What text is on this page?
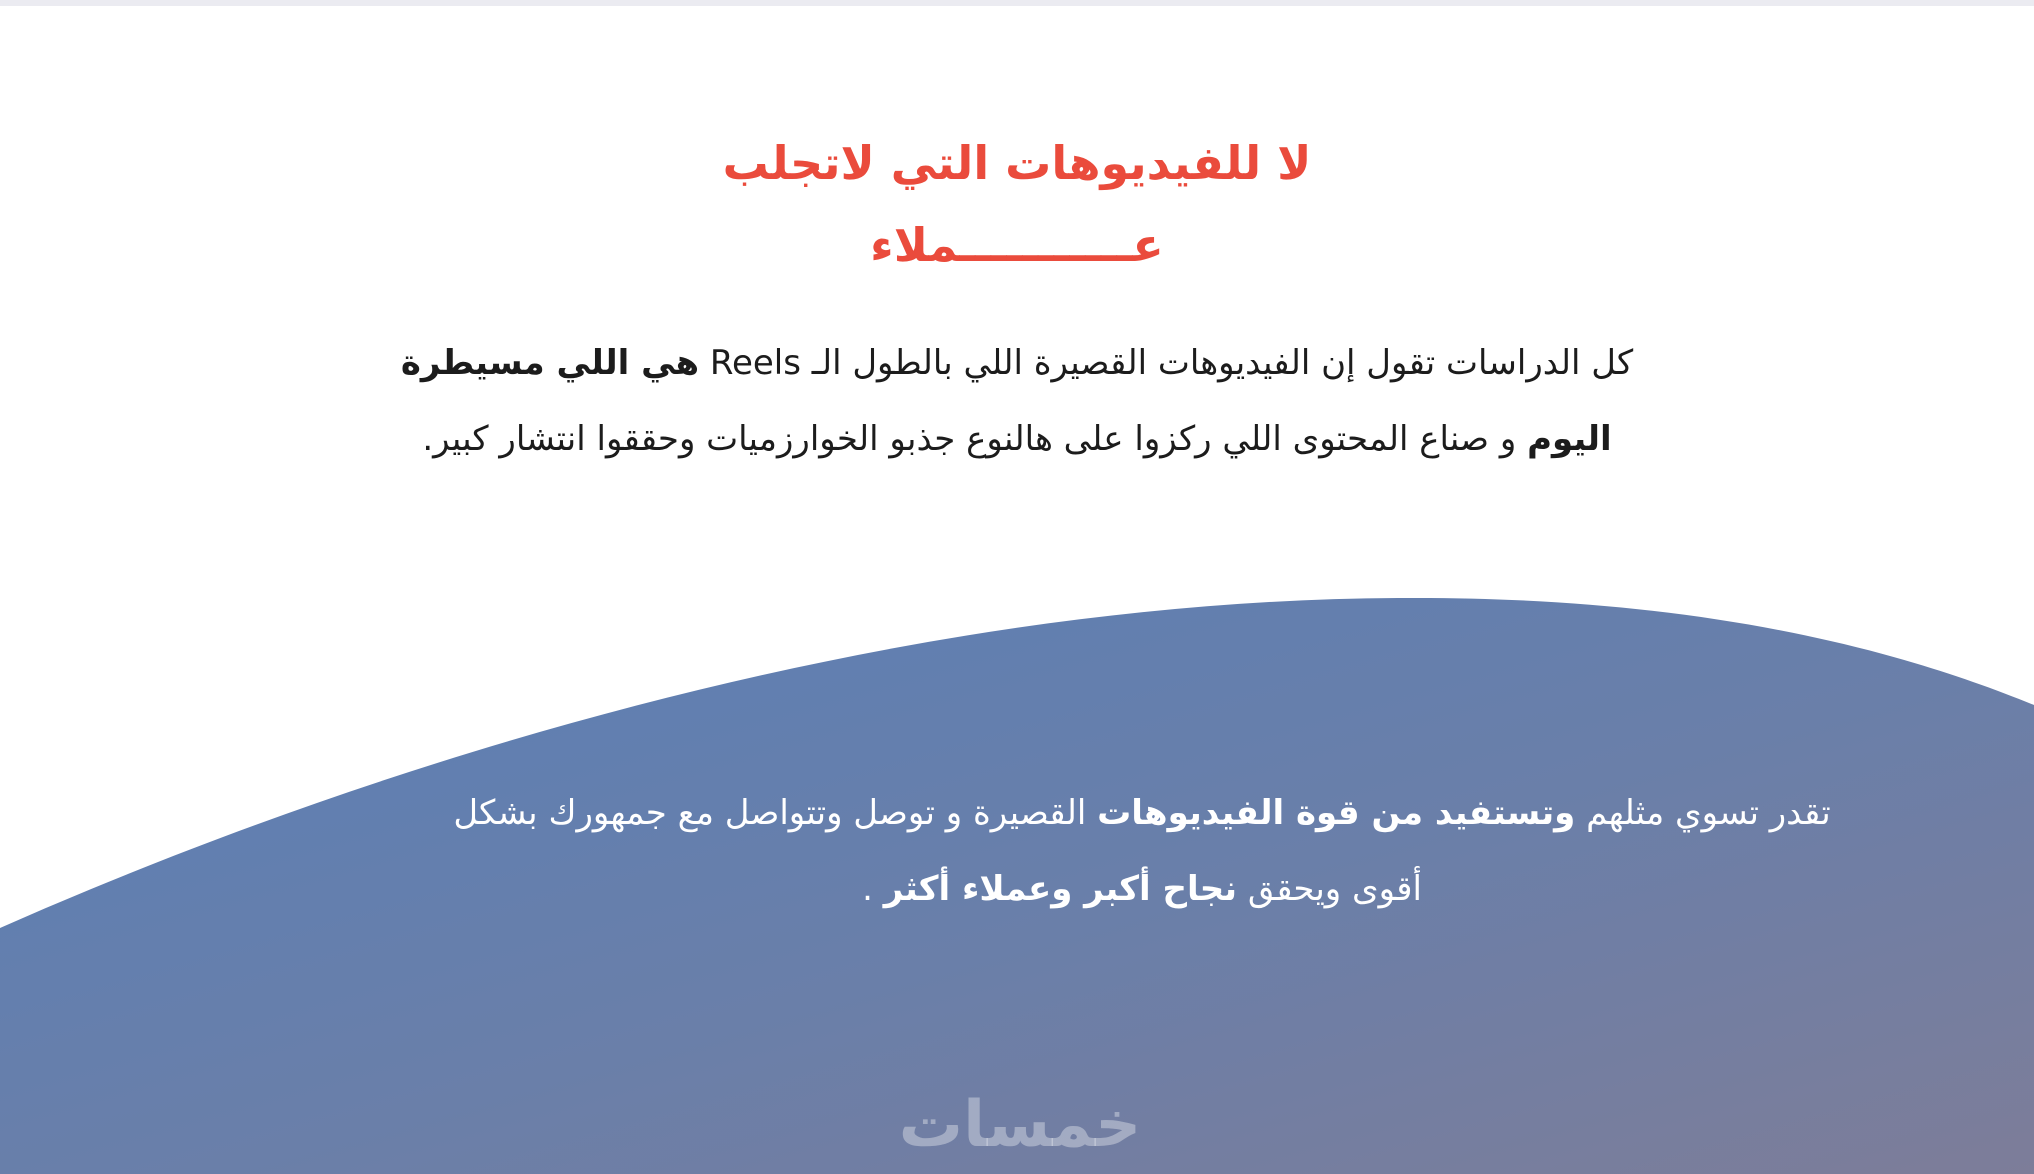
لا للفيديوهات التي لاتجلب
عـــــــــــملاء
كل الدراسات تقول إن الفيديوهات القصيرة اللي بالطول الـ Reels هي اللي مسيطرة اليوم و صناع المحتوى اللي ركزوا على هالنوع جذبو الخوارزميات وحققوا انتشار كبير.
تقدر تسوي مثلهم وتستفيد من قوة الفيديوهات القصيرة و توصل وتتواصل مع جمهورك بشكل أقوى ويحقق نجاح أكبر وعملاء أكثر .
خمسات
